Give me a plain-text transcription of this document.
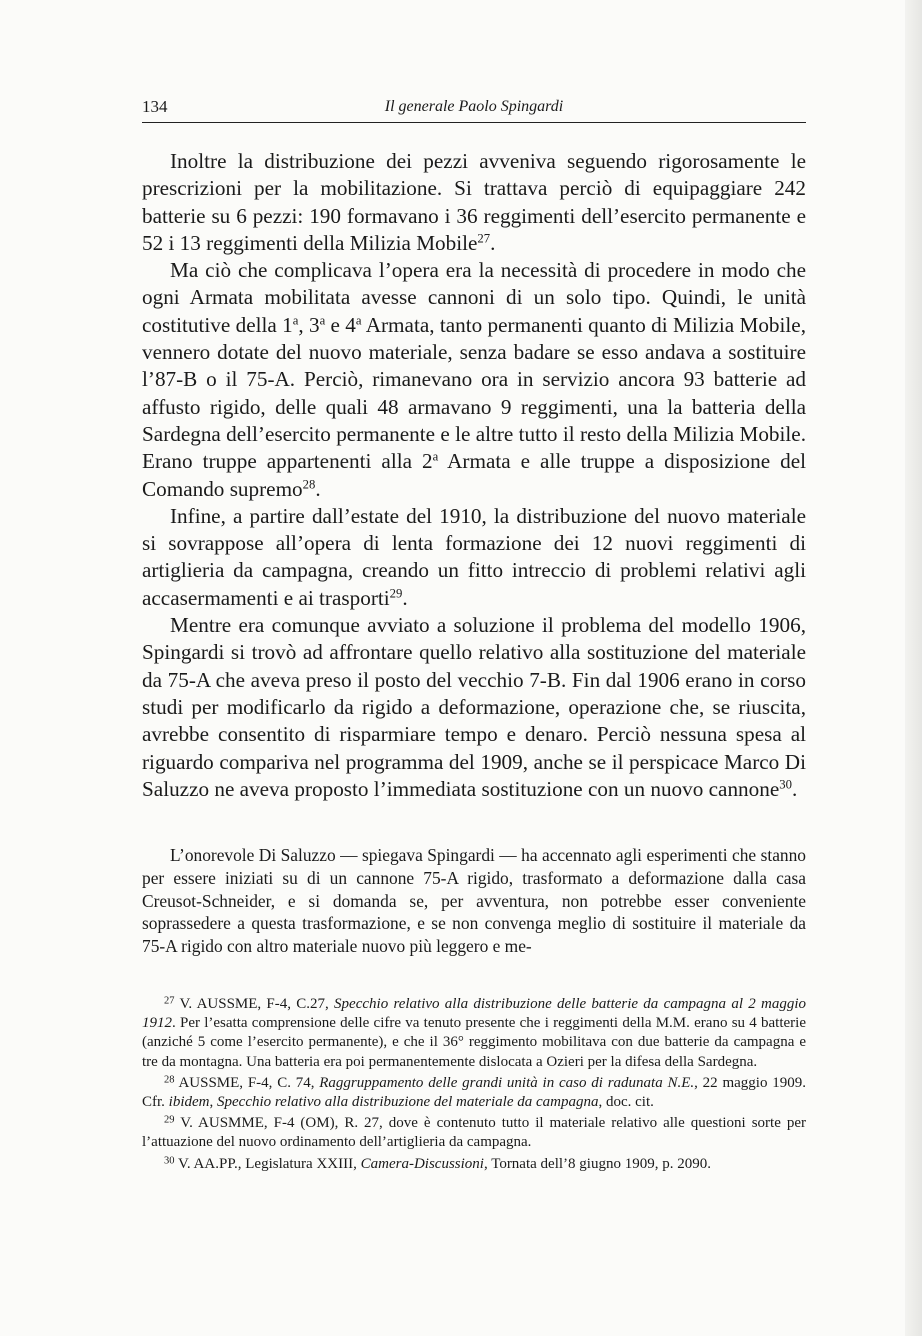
134	Il generale Paolo Spingardi

Inoltre la distribuzione dei pezzi avveniva seguendo rigorosamente le prescrizioni per la mobilitazione. Si trattava perciò di equipaggiare 242 batterie su 6 pezzi: 190 formavano i 36 reggimenti dell’esercito permanente e 52 i 13 reggimenti della Milizia Mobile$^{27}$.

Ma ciò che complicava l’opera era la necessità di procedere in modo che ogni Armata mobilitata avesse cannoni di un solo tipo. Quindi, le unità costitutive della 1$^a$, 3$^a$ e 4$^a$ Armata, tanto permanenti quanto di Milizia Mobile, vennero dotate del nuovo materiale, senza badare se esso andava a sostituire l’87-B o il 75-A. Perciò, rimanevano ora in servizio ancora 93 batterie ad affusto rigido, delle quali 48 armavano 9 reggimenti, una la batteria della Sardegna dell’esercito permanente e le altre tutto il resto della Milizia Mobile. Erano truppe appartenenti alla 2$^a$ Armata e alle truppe a disposizione del Comando supremo$^{28}$.

Infine, a partire dall’estate del 1910, la distribuzione del nuovo materiale si sovrappose all’opera di lenta formazione dei 12 nuovi reggimenti di artiglieria da campagna, creando un fitto intreccio di problemi relativi agli accasermamenti e ai trasporti$^{29}$.

Mentre era comunque avviato a soluzione il problema del modello 1906, Spingardi si trovò ad affrontare quello relativo alla sostituzione del materiale da 75-A che aveva preso il posto del vecchio 7-B. Fin dal 1906 erano in corso studi per modificarlo da rigido a deformazione, operazione che, se riuscita, avrebbe consentito di risparmiare tempo e denaro. Perciò nessuna spesa al riguardo compariva nel programma del 1909, anche se il perspicace Marco Di Saluzzo ne aveva proposto l’immediata sostituzione con un nuovo cannone$^{30}$.

L’onorevole Di Saluzzo — spiegava Spingardi — ha accennato agli esperimenti che stanno per essere iniziati su di un cannone 75-A rigido, trasformato a deformazione dalla casa Creusot-Schneider, e si domanda se, per avventura, non potrebbe esser conveniente soprassedere a questa trasformazione, e se non convenga meglio di sostituire il materiale da 75-A rigido con altro materiale nuovo più leggero e me-

$^{27}$ V. AUSSME, F-4, C.27, Specchio relativo alla distribuzione delle batterie da campagna al 2 maggio 1912. Per l’esatta comprensione delle cifre va tenuto presente che i reggimenti della M.M. erano su 4 batterie (anziché 5 come l’esercito permanente), e che il 36° reggimento mobilitava con due batterie da campagna e tre da montagna. Una batteria era poi permanentemente dislocata a Ozieri per la difesa della Sardegna.

$^{28}$ AUSSME, F-4, C. 74, Raggruppamento delle grandi unità in caso di radunata N.E., 22 maggio 1909. Cfr. ibidem, Specchio relativo alla distribuzione del materiale da campagna, doc. cit.

$^{29}$ V. AUSMME, F-4 (OM), R. 27, dove è contenuto tutto il materiale relativo alle questioni sorte per l’attuazione del nuovo ordinamento dell’artiglieria da campagna.

$^{30}$ V. AA.PP., Legislatura XXIII, Camera-Discussioni, Tornata dell’8 giugno 1909, p. 2090.
